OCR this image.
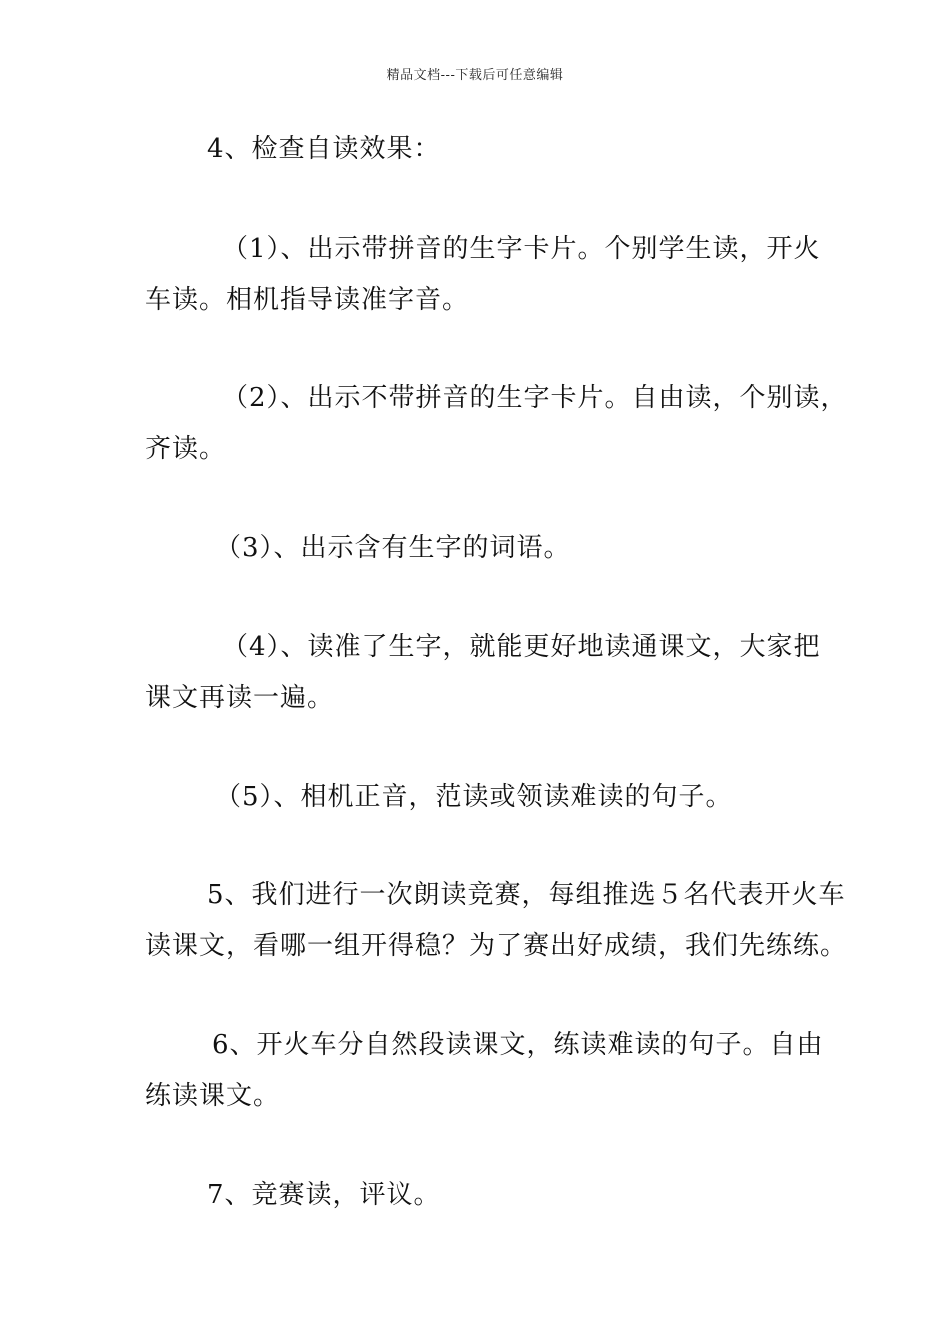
精品文档---下载后可任意编辑
4、检查自读效果：
（1）、出示带拼音的生字卡片。个别学生读，开火
车读。相机指导读准字音。
（2）、出示不带拼音的生字卡片。自由读，个别读，
齐读。
（3）、出示含有生字的词语。
（4）、读准了生字，就能更好地读通课文，大家把
课文再读一遍。
（5）、相机正音，范读或领读难读的句子。
5、我们进行一次朗读竞赛，每组推选５名代表开火车
读课文，看哪一组开得稳？为了赛出好成绩，我们先练练。
6、开火车分自然段读课文，练读难读的句子。自由
练读课文。
7、竞赛读，评议。
